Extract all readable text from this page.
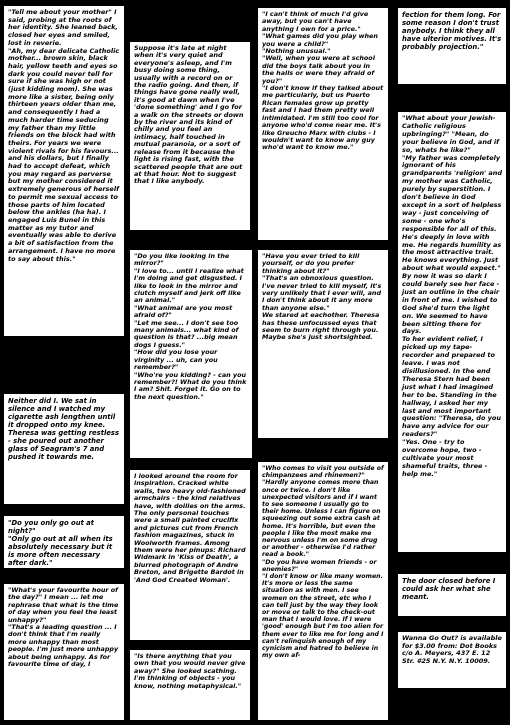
"Tell me about your mother" I said, probing at the roots of her identity. She leaned back, closed her eyes and smiled, lost in reverie.
"Ah, my dear delicate Catholic mother... brown skin, black hair, yellow teeth and eyes so dark you could never tell for sure if she was high or not (just kidding mom). She was more like a sister, being only thirteen years older than me, and consequently I had a much harder time seducing my father than my little friends on the block had with theirs. For years we were violent rivals for his favours... and his dollars, but I finally had to accept defeat, which you may regard as perverse but my mother considered it extremely generous of herself to permit me sexual access to those parts of him located below the ankles (ha ha). I engaged Luis Bunel in this matter as my tutor and eventually was able to derive a bit of satisfaction from the arrangement. I have no more to say about this."
Suppose it's late at night when it's very quiet and everyone's asleep, and I'm busy doing some thing, usually with a record on or the radio going. And then, if things have gone really well, it's good at dawn when I've 'done something' and I go for a walk on the streets or down by the river and its kind of chilly and you feel an intimacy, half touched in mutual paranoia, or a sort of release from it because the light is rising fast, with the scattered people that are out at that hour. Not to suggest that I like anybody.
"I can't think of much I'd give away, but you can't have anything I own for a price."
"What games did you play when you were a child?"
"Nothing unusual."
"Well, when you were at school did the boys talk about you in the halls or were they afraid of you?"
"I don't know if they talked about me particularly, but us Puerto Rican females grow up pretty fast and I had them pretty well intimidated. I'm still too cool for anyone who'd come near me. It's like Greucho Marx with clubs - I wouldn't want to know any guy who'd want to know me."
fection for them long. For some reason I don't trust anybody. I think they all have ulterior motives. It's probably projection."
"What about your Jewish-Catholic religious upbringing?" "Mean, do your believe in God, and if so, whats he like?"
"My father was completely ignorant of his grandparents 'religion' and my mother was Catholic, purely by superstition. I don't believe in God except in a sort of helpless way - just conceiving of some - one who's responsible for all of this. He's deeply in love with me. He regards humility as the most attractive trait. He knows everything. Just about what would expect."
By now it was so dark I could barely see her face - just an outline in the chair in front of me. I wished to God she'd turn the light on. We seemed to have been sitting there for days.
To her evident relief, I picked up my tape-recorder and prepared to leave. I was not disillusioned. In the end Theresa Stern had been just what I had imagined her to be. Standing in the hallway, I asked her my last and most important question: "Theresa, do you have any advice for our readers?"
"Yes. One - try to overcome hope, two - cultivate your most shameful traits, three - help me."
"Do you like looking in the mirror?"
"I love to... until I realize what I'm doing and get disgusted. I like to look in the mirror and clutch myself and jerk off like an animal."
"What animal are you most afraid of?"
"Let me see... I don't see too many animals... what kind of question is that? ...big mean dogs I guess."
"How did you lose your virginity ... uh, can you remember?"
"Who're you kidding? - can you remember?! What do you think I am? Shit. Forget it. Go on to the next question."
"Have you ever tried to kill yourself, or do you prefer thinking about it?"
"That's an obnoxious question. I've never tried to kill myself, it's very unlikely that I ever will, and I don't think about it any more than anyone else."
We stared at eachother. Theresa has these unfocussed eyes that seem to burn right through you. Maybe she's just shortsighted.
Neither did I. We sat in silence and I watched my cigarette ash lengthen until it dropped onto my knee. Theresa was getting restless - she poured out another glass of Seagram's 7 and pushed it towards me.
I looked around the room for inspiration. Cracked white walls, two heavy old-fashioned armchairs - the kind relatives have, with doilies on the arms. The only personal touches were a small painted crucifix and pictures cut from French fashion magazines, stuck in Woolworth frames. Among them were her pinups: Richard Widmark in 'Kiss of Death', a blurred photograph of Andre Breton, and Brigette Bardot in 'And God Created Woman'.
"Who comes to visit you outside of chimpanzees and rhinemen?"
"Hardly anyone comes more than once or twice. I don't like unexpected visitors and if I want to see someone I usually go to their home. Unless I can figure on squeezing out some extra cash at home. It's horrible, but even the people I like the most make me nervous unless I'm on some drug or another - otherwise I'd rather read a book."
"Do you have women friends - or enemies?"
"I don't know or like many women. It's more or less the same situation as with men. I see women on the street, etc who I can tell just by the way they look or move or talk to the check-out man that I would love. If I were 'good' enough but I'm too alien for them ever to like me for long and I can't relinquish enough of my cynicism and hatred to believe in my own af-
"Do you only go out at night?"
"Only go out at all when its absolutely necessary but it is more often necessary after dark."
"What's your favourite hour of the day?" I mean ... let me rephrase that what is the time of day when you feel the least unhappy?"
"That's a leading question ... I don't think that I'm really more unhappy than most people. I'm just more unhappy about being unhappy. As for favourite time of day, I
"Is there anything that you own that you would never give away?" She looked scathing. I'm thinking of objects - you know, nothing metaphysical."
The door closed before I could ask her what she meant.
Wanna Go Out? is available for $3.00 from: Dot Books c/o A. Meyers, 437 E. 12 Str. #25 N.Y. N.Y. 10009.
